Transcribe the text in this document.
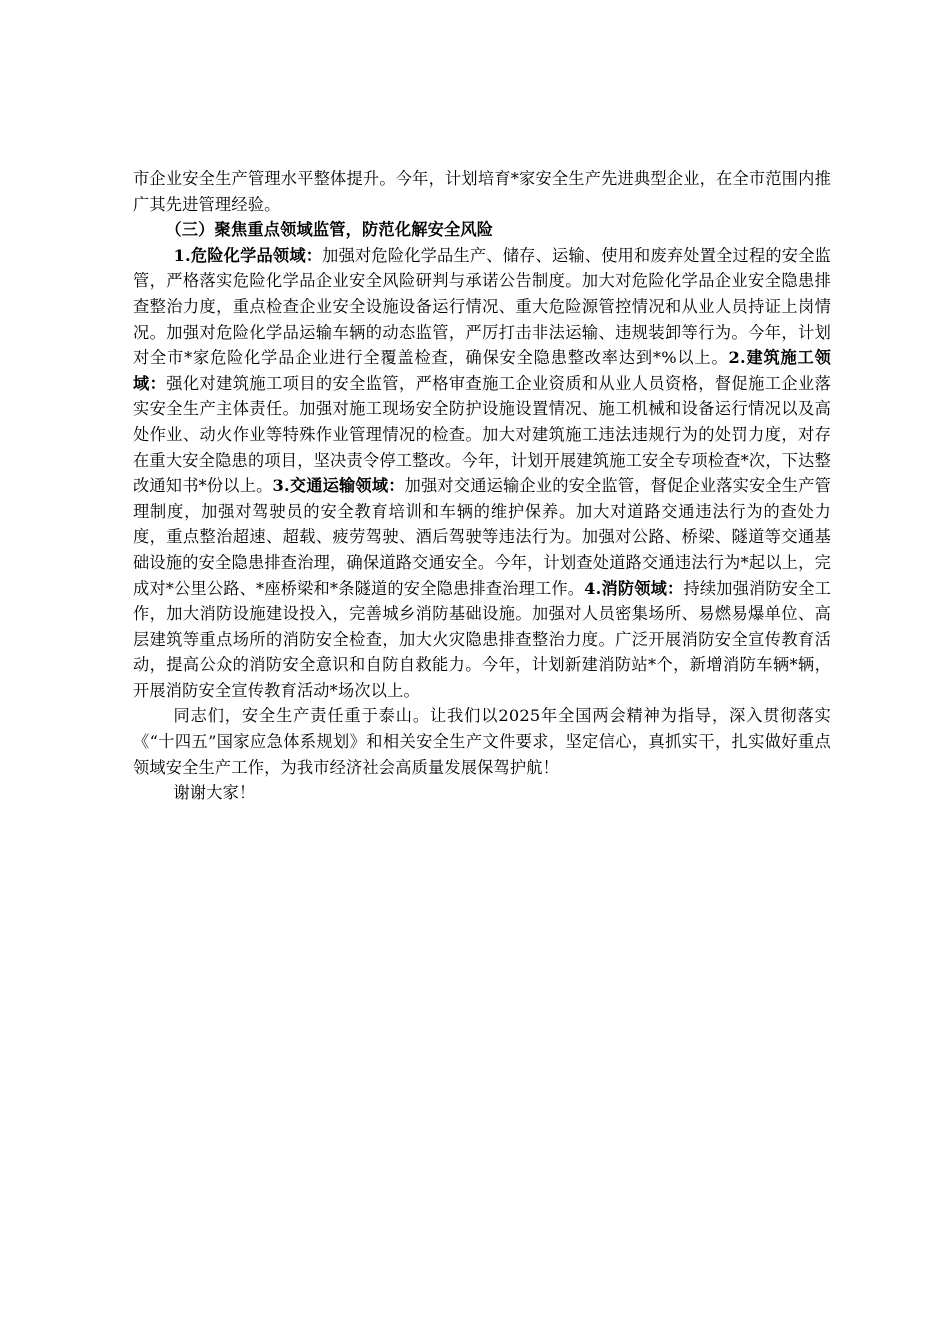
市企业安全生产管理水平整体提升。今年，计划培育*家安全生产先进典型企业，在全市范围内推广其先进管理经验。

（三）聚焦重点领域监管，防范化解安全风险

1.危险化学品领域：加强对危险化学品生产、储存、运输、使用和废弃处置全过程的安全监管，严格落实危险化学品企业安全风险研判与承诺公告制度。加大对危险化学品企业安全隐患排查整治力度，重点检查企业安全设施设备运行情况、重大危险源管控情况和从业人员持证上岗情况。加强对危险化学品运输车辆的动态监管，严厉打击非法运输、违规装卸等行为。今年，计划对全市*家危险化学品企业进行全覆盖检查，确保安全隐患整改率达到*%以上。2.建筑施工领域：强化对建筑施工项目的安全监管，严格审查施工企业资质和从业人员资格，督促施工企业落实安全生产主体责任。加强对施工现场安全防护设施设置情况、施工机械和设备运行情况以及高处作业、动火作业等特殊作业管理情况的检查。加大对建筑施工违法违规行为的处罚力度，对存在重大安全隐患的项目，坚决责令停工整改。今年，计划开展建筑施工安全专项检查*次，下达整改通知书*份以上。3.交通运输领域：加强对交通运输企业的安全监管，督促企业落实安全生产管理制度，加强对驾驶员的安全教育培训和车辆的维护保养。加大对道路交通违法行为的查处力度，重点整治超速、超载、疲劳驾驶、酒后驾驶等违法行为。加强对公路、桥梁、隧道等交通基础设施的安全隐患排查治理，确保道路交通安全。今年，计划查处道路交通违法行为*起以上，完成对*公里公路、*座桥梁和*条隧道的安全隐患排查治理工作。4.消防领域：持续加强消防安全工作，加大消防设施建设投入，完善城乡消防基础设施。加强对人员密集场所、易燃易爆单位、高层建筑等重点场所的消防安全检查，加大火灾隐患排查整治力度。广泛开展消防安全宣传教育活动，提高公众的消防安全意识和自防自救能力。今年，计划新建消防站*个，新增消防车辆*辆，开展消防安全宣传教育活动*场次以上。

同志们，安全生产责任重于泰山。让我们以2025年全国两会精神为指导，深入贯彻落实《“十四五”国家应急体系规划》和相关安全生产文件要求，坚定信心，真抓实干，扎实做好重点领域安全生产工作，为我市经济社会高质量发展保驾护航！

谢谢大家！
